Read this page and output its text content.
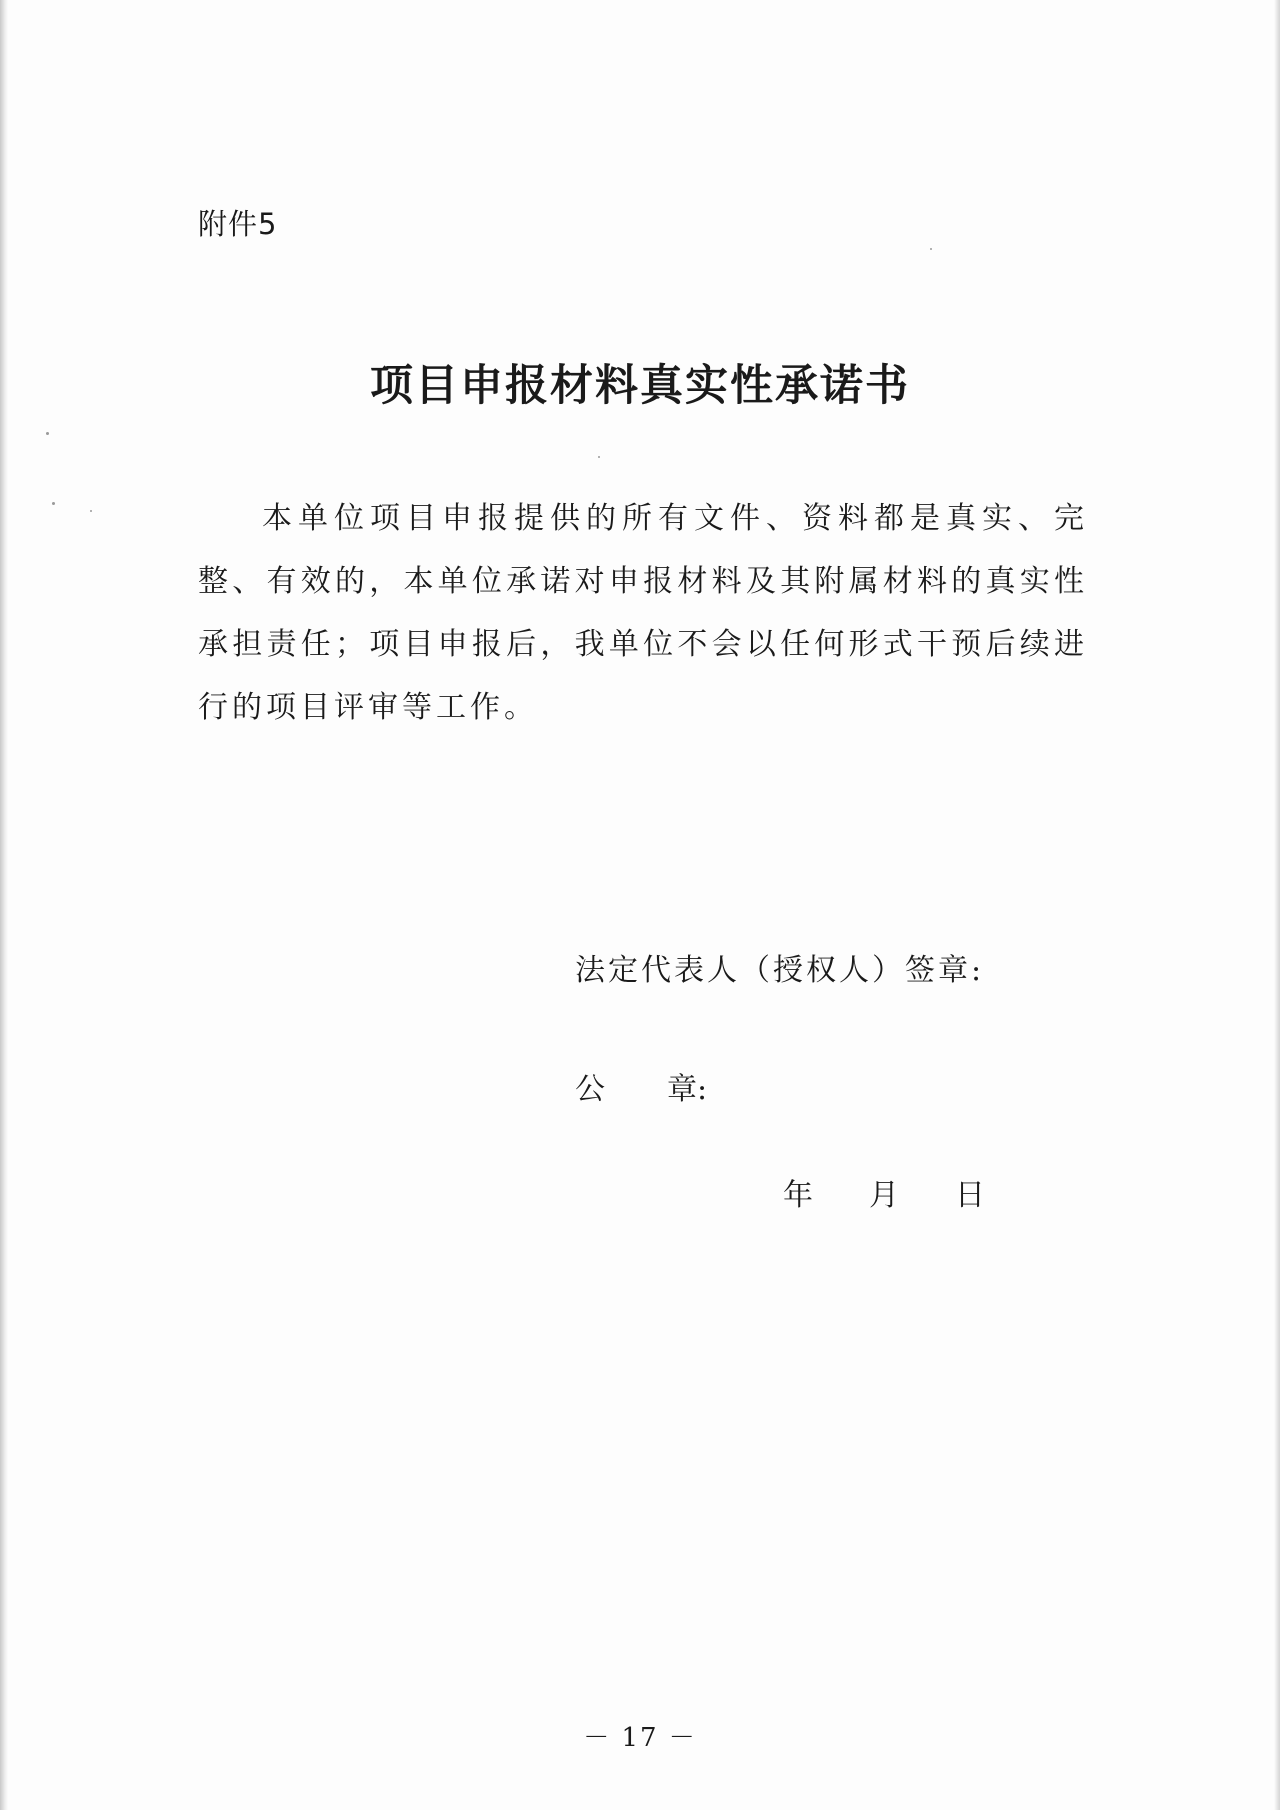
附件5
项目申报材料真实性承诺书
本单位项目申报提供的所有文件、资料都是真实、完整、有效的，本单位承诺对申报材料及其附属材料的真实性承担责任；项目申报后，我单位不会以任何形式干预后续进行的项目评审等工作。
法定代表人（授权人）签章:
公 章:
年 月 日
－ 17 －
